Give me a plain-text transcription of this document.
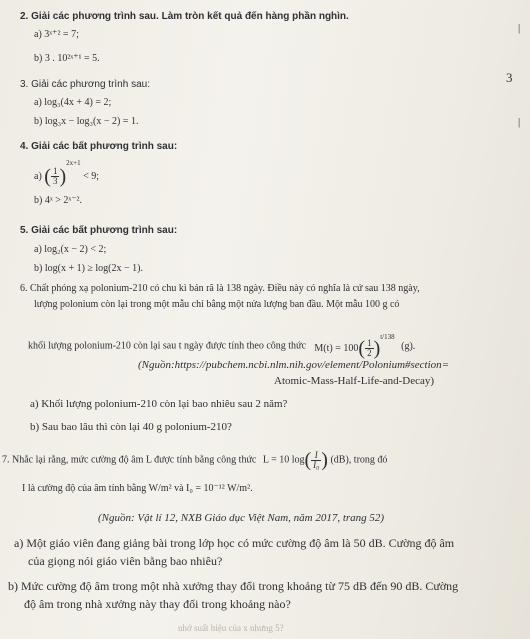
2. Giải các phương trình sau. Làm tròn kết quả đến hàng phần nghìn.
a) 3ˣ⁺² = 7;
b) 3 . 10²ˣ⁺¹ = 5.
3. Giải các phương trình sau:
a) log₃(4x + 4) = 2;
b) log₃x − log₃(x − 2) = 1.
4. Giải các bất phương trình sau:
a) ( $\frac{1}{3} )^{2x+1} < 9$;
b) 4ˣ > 2ˣ⁻².
5. Giải các bất phương trình sau:
a) log₂(x − 2) < 2;
b) log(x + 1) ≥ log(2x − 1).
6. Chất phóng xạ polonium-210 có chu kì bán rã là 138 ngày. Điều này có nghĩa là cứ sau 138 ngày,
lượng polonium còn lại trong một mẫu chỉ bằng một nửa lượng ban đầu. Một mẫu 100 g có
khối lượng polonium-210 còn lại sau t ngày được tính theo công thức $M(t) = 100( \frac{1}{2} )^{t/138}$ (g).
(Nguồn:https://pubchem.ncbi.nlm.nih.gov/element/Polonium#section=
Atomic-Mass-Half-Life-and-Decay)
a) Khối lượng polonium-210 còn lại bao nhiêu sau 2 năm?
b) Sau bao lâu thì còn lại 40 g polonium-210?
7. Nhắc lại rằng, mức cường độ âm L được tính bằng công thức L = 10 $\log( \frac{I}{\text{I₀}}$ ) (dB), trong đó
I là cường độ của âm tính bằng W/m² và I₀ = 10⁻¹² W/m².
(Nguồn: Vật lí 12, NXB Giáo dục Việt Nam, năm 2017, trang 52)
a) Một giáo viên đang giảng bài trong lớp học có mức cường độ âm là 50 dB. Cường độ âm
của giọng nói giáo viên bằng bao nhiêu?
b) Mức cường độ âm trong một nhà xưởng thay đổi trong khoảng từ 75 dB đến 90 dB. Cường
độ âm trong nhà xưởng này thay đổi trong khoảng nào?
nhớ suất hiệu của x nhưng 5?
|
3
|
